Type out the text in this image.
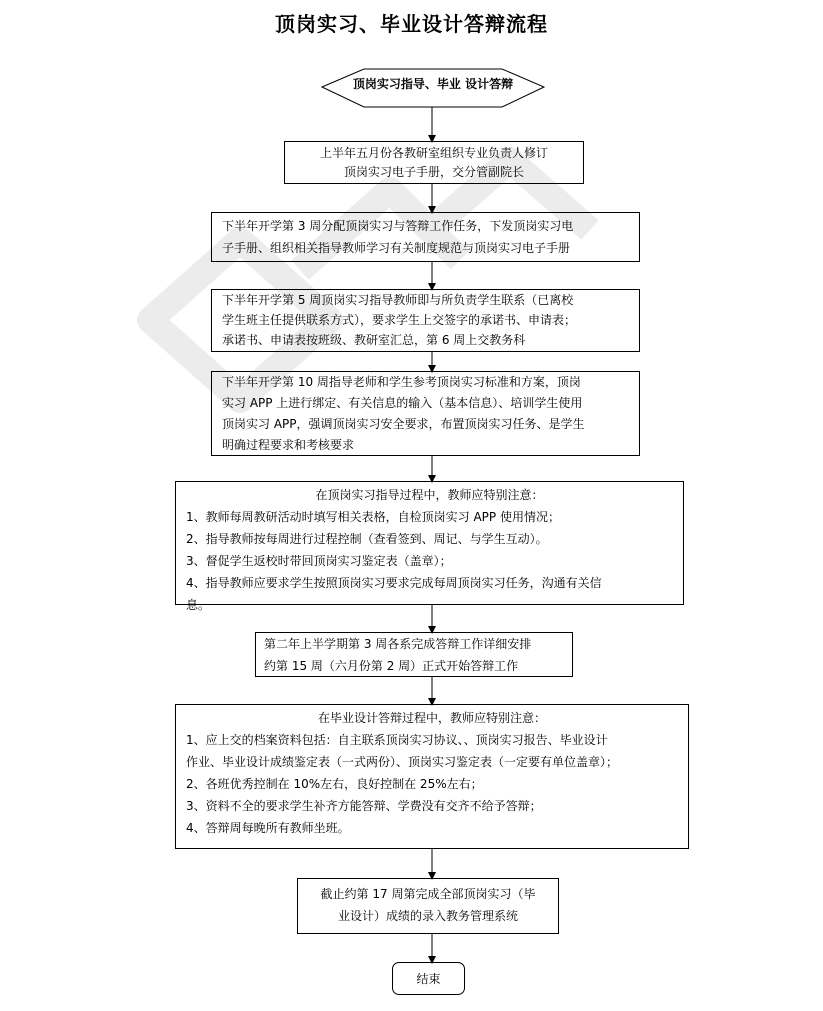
顶岗实习、毕业设计答辩流程
顶岗实习指导、毕业 设计答辩
上半年五月份各教研室组织专业负责人修订
顶岗实习电子手册，交分管副院长
下半年开学第 3 周分配顶岗实习与答辩工作任务，下发顶岗实习电
子手册、组织相关指导教师学习有关制度规范与顶岗实习电子手册
下半年开学第 5 周顶岗实习指导教师即与所负责学生联系（已离校
学生班主任提供联系方式），要求学生上交签字的承诺书、申请表；
承诺书、申请表按班级、教研室汇总，第 6 周上交教务科
下半年开学第 10 周指导老师和学生参考顶岗实习标准和方案，顶岗
实习 APP 上进行绑定、有关信息的输入（基本信息）、培训学生使用
顶岗实习 APP，强调顶岗实习安全要求，布置顶岗实习任务、是学生
明确过程要求和考核要求
在顶岗实习指导过程中，教师应特别注意：
1、教师每周教研活动时填写相关表格，自检顶岗实习 APP 使用情况；
2、指导教师按每周进行过程控制（查看签到、周记、与学生互动）。
3、督促学生返校时带回顶岗实习鉴定表（盖章）；
4、指导教师应要求学生按照顶岗实习要求完成每周顶岗实习任务，沟通有关信
息。
第二年上半学期第 3 周各系完成答辩工作详细安排
约第 15 周（六月份第 2 周）正式开始答辩工作
在毕业设计答辩过程中，教师应特别注意：
1、应上交的档案资料包括：自主联系顶岗实习协议、、顶岗实习报告、毕业设计
作业、毕业设计成绩鉴定表（一式两份）、顶岗实习鉴定表（一定要有单位盖章）；
2、各班优秀控制在 10%左右，良好控制在 25%左右；
3、资料不全的要求学生补齐方能答辩、学费没有交齐不给予答辩；
4、答辩周每晚所有教师坐班。
截止约第 17 周第完成全部顶岗实习（毕
业设计）成绩的录入教务管理系统
结束
